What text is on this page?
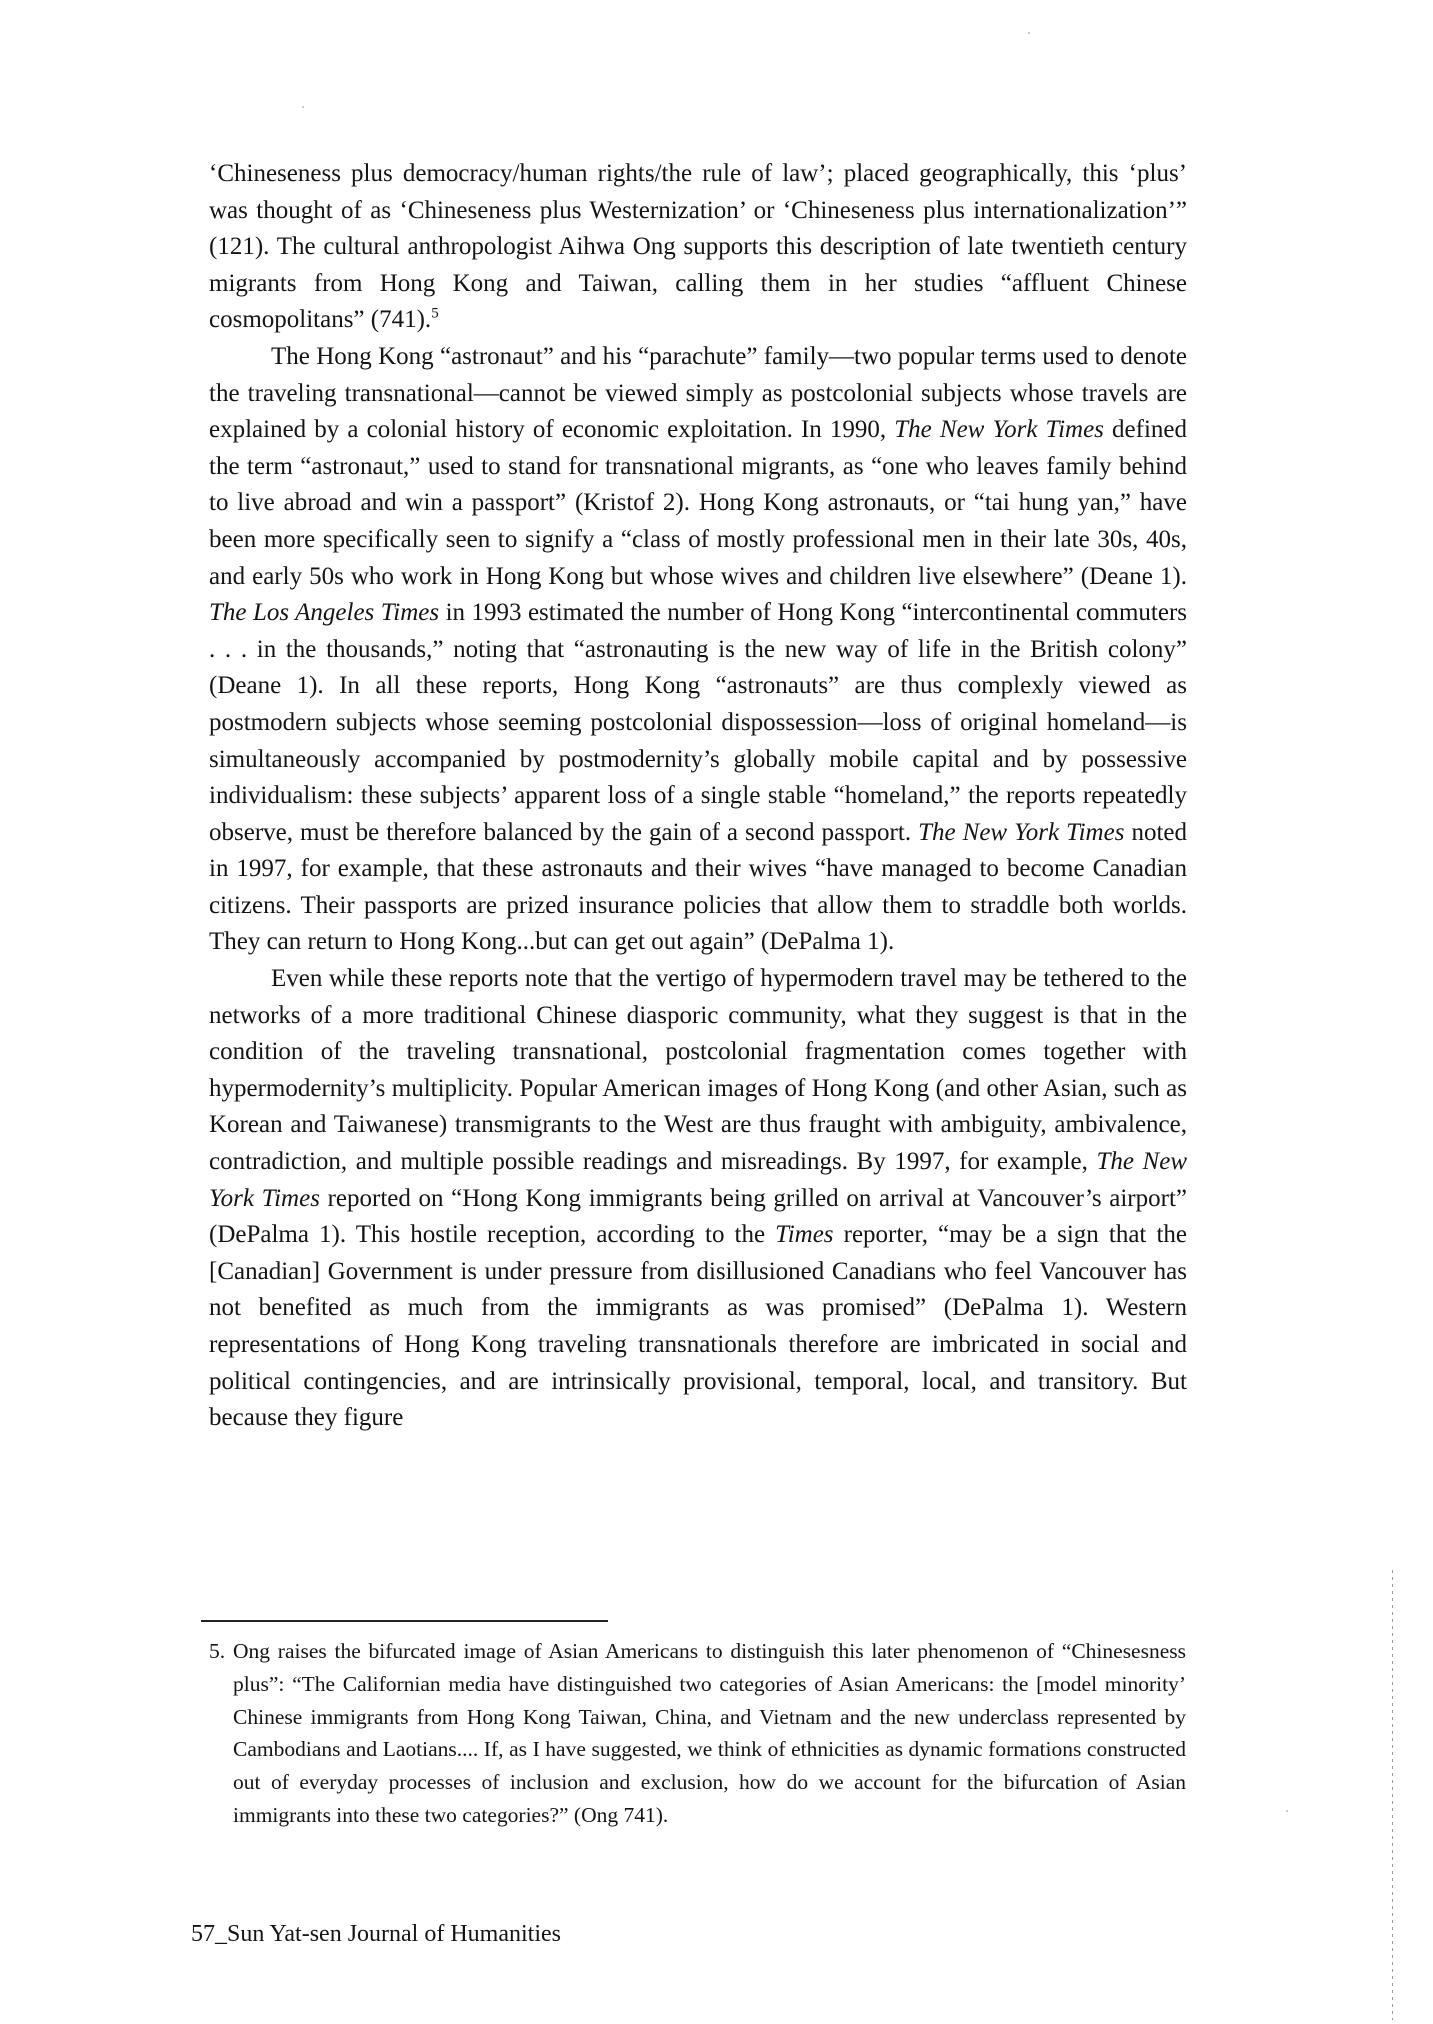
‘Chineseness plus democracy/human rights/the rule of law’; placed geographically, this ‘plus’ was thought of as ‘Chineseness plus Westernization’ or ‘Chineseness plus internationalization’” (121). The cultural anthropologist Aihwa Ong supports this description of late twentieth century migrants from Hong Kong and Taiwan, calling them in her studies “affluent Chinese cosmopolitans” (741).$^5$

The Hong Kong “astronaut” and his “parachute” family—two popular terms used to denote the traveling transnational—cannot be viewed simply as postcolonial subjects whose travels are explained by a colonial history of economic exploitation. In 1990, The New York Times defined the term “astronaut,” used to stand for transnational migrants, as “one who leaves family behind to live abroad and win a passport” (Kristof 2). Hong Kong astronauts, or “tai hung yan,” have been more specifically seen to signify a “class of mostly professional men in their late 30s, 40s, and early 50s who work in Hong Kong but whose wives and children live elsewhere” (Deane 1). The Los Angeles Times in 1993 estimated the number of Hong Kong “intercontinental commuters . . . in the thousands,” noting that “astronauting is the new way of life in the British colony” (Deane 1). In all these reports, Hong Kong “astronauts” are thus complexly viewed as postmodern subjects whose seeming postcolonial dispossession—loss of original homeland—is simultaneously accompanied by postmodernity’s globally mobile capital and by possessive individualism: these subjects’ apparent loss of a single stable “homeland,” the reports repeatedly observe, must be therefore balanced by the gain of a second passport. The New York Times noted in 1997, for example, that these astronauts and their wives “have managed to become Canadian citizens. Their passports are prized insurance policies that allow them to straddle both worlds. They can return to Hong Kong...but can get out again” (DePalma 1).

Even while these reports note that the vertigo of hypermodern travel may be tethered to the networks of a more traditional Chinese diasporic community, what they suggest is that in the condition of the traveling transnational, postcolonial fragmentation comes together with hypermodernity’s multiplicity. Popular American images of Hong Kong (and other Asian, such as Korean and Taiwanese) transmigrants to the West are thus fraught with ambiguity, ambivalence, contradiction, and multiple possible readings and misreadings. By 1997, for example, The New York Times reported on “Hong Kong immigrants being grilled on arrival at Vancouver’s airport” (DePalma 1). This hostile reception, according to the Times reporter, “may be a sign that the [Canadian] Government is under pressure from disillusioned Canadians who feel Vancouver has not benefited as much from the immigrants as was promised” (DePalma 1). Western representations of Hong Kong traveling transnationals therefore are imbricated in social and political contingencies, and are intrinsically provisional, temporal, local, and transitory. But because they figure

5. Ong raises the bifurcated image of Asian Americans to distinguish this later phenomenon of “Chinesesness plus”: “The Californian media have distinguished two categories of Asian Americans: the [model minority’ Chinese immigrants from Hong Kong Taiwan, China, and Vietnam and the new underclass represented by Cambodians and Laotians.... If, as I have suggested, we think of ethnicities as dynamic formations constructed out of everyday processes of inclusion and exclusion, how do we account for the bifurcation of Asian immigrants into these two categories?” (Ong 741).
57_Sun Yat-sen Journal of Humanities
